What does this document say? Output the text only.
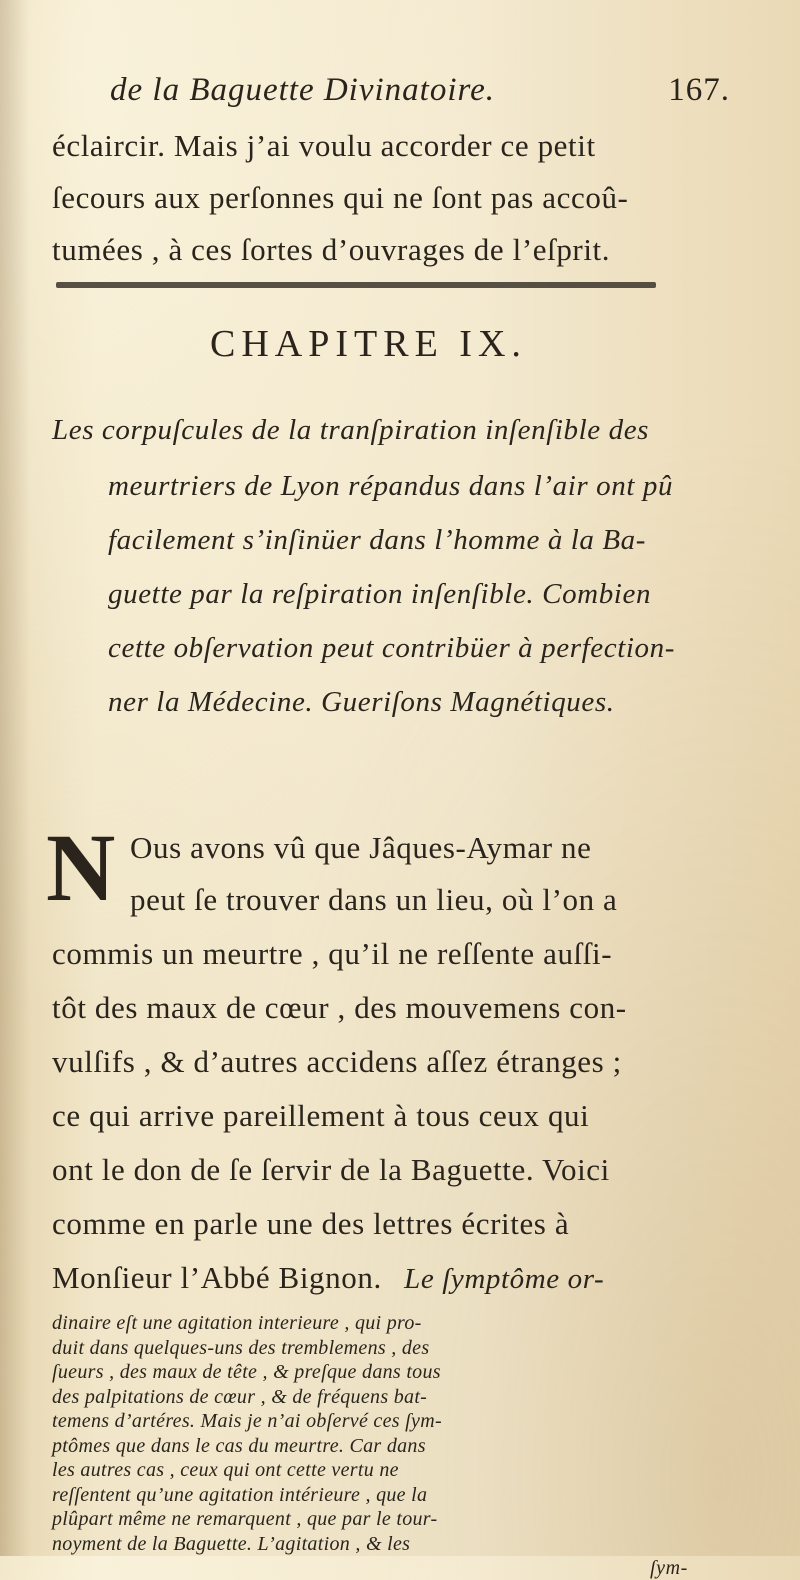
de la Baguette Divinatoire.	167.
éclaircir. Mais j’ai voulu accorder ce petit
ſecours aux perſonnes qui ne ſont pas accoû-
tumées , à ces ſortes d’ouvrages de l’eſprit.
CHAPITRE IX.
Les corpuſcules de la tranſpiration inſenſible des
meurtriers de Lyon répandus dans l’air ont pû
facilement s’inſinüer dans l’homme à la Ba-
guette par la reſpiration inſenſible. Combien
cette obſervation peut contribüer à perfection-
ner la Médecine. Gueriſons Magnétiques.
N Ous avons vû que Jâques-Aymar ne
peut ſe trouver dans un lieu, où l’on a
commis un meurtre , qu’il ne reſſente auſſi-
tôt des maux de cœur , des mouvemens con-
vulſifs , & d’autres accidens aſſez étranges ;
ce qui arrive pareillement à tous ceux qui
ont le don de ſe ſervir de la Baguette. Voici
comme en parle une des lettres écrites à
Monſieur l’Abbé Bignon. Le ſymptôme or-
dinaire eſt une agitation interieure , qui pro-
duit dans quelques-uns des tremblemens , des
ſueurs , des maux de tête , & preſque dans tous
des palpitations de cœur , & de fréquens bat-
temens d’artéres. Mais je n’ai obſervé ces ſym-
ptômes que dans le cas du meurtre. Car dans
les autres cas , ceux qui ont cette vertu ne
reſſentent qu’une agitation intérieure , que la
plûpart même ne remarquent , que par le tour-
noyment de la Baguette. L’agitation , & les
ſym-
